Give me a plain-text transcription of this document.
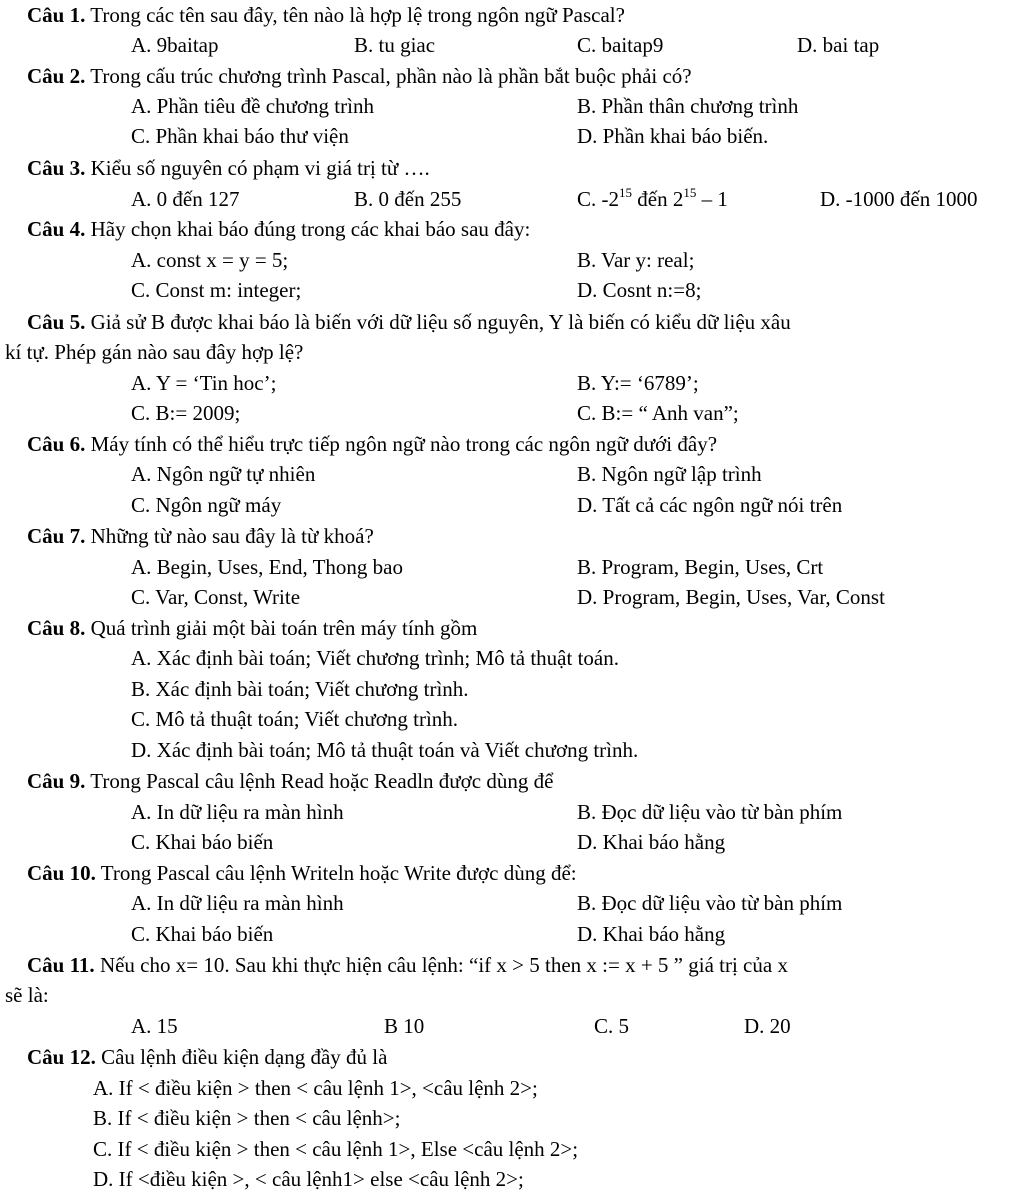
Câu 1. Trong các tên sau đây, tên nào là hợp lệ trong ngôn ngữ Pascal?
A. 9baitap	B. tu giac	C. baitap9	D. bai tap
Câu 2. Trong cấu trúc chương trình Pascal, phần nào là phần bắt buộc phải có?
A. Phần tiêu đề chương trình	B. Phần thân chương trình
C. Phần khai báo thư viện	D. Phần khai báo biến.
Câu 3. Kiểu số nguyên có phạm vi giá trị từ ….
A. 0 đến 127	B. 0 đến 255	C. $-2^{15}$ đến $2^{15} - 1$	D. -1000 đến 1000
Câu 4. Hãy chọn khai báo đúng trong các khai báo sau đây:
A. const x = y = 5;	B. Var y: real;
C. Const m: integer;	D. Cosnt n:=8;
Câu 5. Giả sử B được khai báo là biến với dữ liệu số nguyên, Y là biến có kiểu dữ liệu xâu
kí tự. Phép gán nào sau đây hợp lệ?
A. Y = ‘Tin hoc’;	B. Y:= ‘6789’;
C. B:= 2009;	C. B:= “ Anh van”;
Câu 6. Máy tính có thể hiểu trực tiếp ngôn ngữ nào trong các ngôn ngữ dưới đây?
A. Ngôn ngữ tự nhiên	B. Ngôn ngữ lập trình
C. Ngôn ngữ máy	D. Tất cả các ngôn ngữ nói trên
Câu 7. Những từ nào sau đây là từ khoá?
A. Begin, Uses, End, Thong bao	B. Program, Begin, Uses, Crt
C. Var, Const, Write	D. Program, Begin, Uses, Var, Const
Câu 8. Quá trình giải một bài toán trên máy tính gồm
A. Xác định bài toán; Viết chương trình; Mô tả thuật toán.
B. Xác định bài toán; Viết chương trình.
C. Mô tả thuật toán; Viết chương trình.
D. Xác định bài toán; Mô tả thuật toán và Viết chương trình.
Câu 9. Trong Pascal câu lệnh Read hoặc Readln được dùng để
A. In dữ liệu ra màn hình	B. Đọc dữ liệu vào từ bàn phím
C. Khai báo biến	D. Khai báo hằng
Câu 10. Trong Pascal câu lệnh Writeln hoặc Write được dùng để:
A. In dữ liệu ra màn hình	B. Đọc dữ liệu vào từ bàn phím
C. Khai báo biến	D. Khai báo hằng
Câu 11. Nếu cho x= 10. Sau khi thực hiện câu lệnh: “if x > 5 then x := x + 5 ” giá trị của x
sẽ là:
A. 15	B 10	C. 5	D. 20
Câu 12. Câu lệnh điều kiện dạng đầy đủ là
A. If < điều kiện > then < câu lệnh 1>, <câu lệnh 2>;
B. If < điều kiện > then < câu lệnh>;
C. If < điều kiện > then < câu lệnh 1>, Else <câu lệnh 2>;
D. If <điều kiện >, < câu lệnh1> else <câu lệnh 2>;
